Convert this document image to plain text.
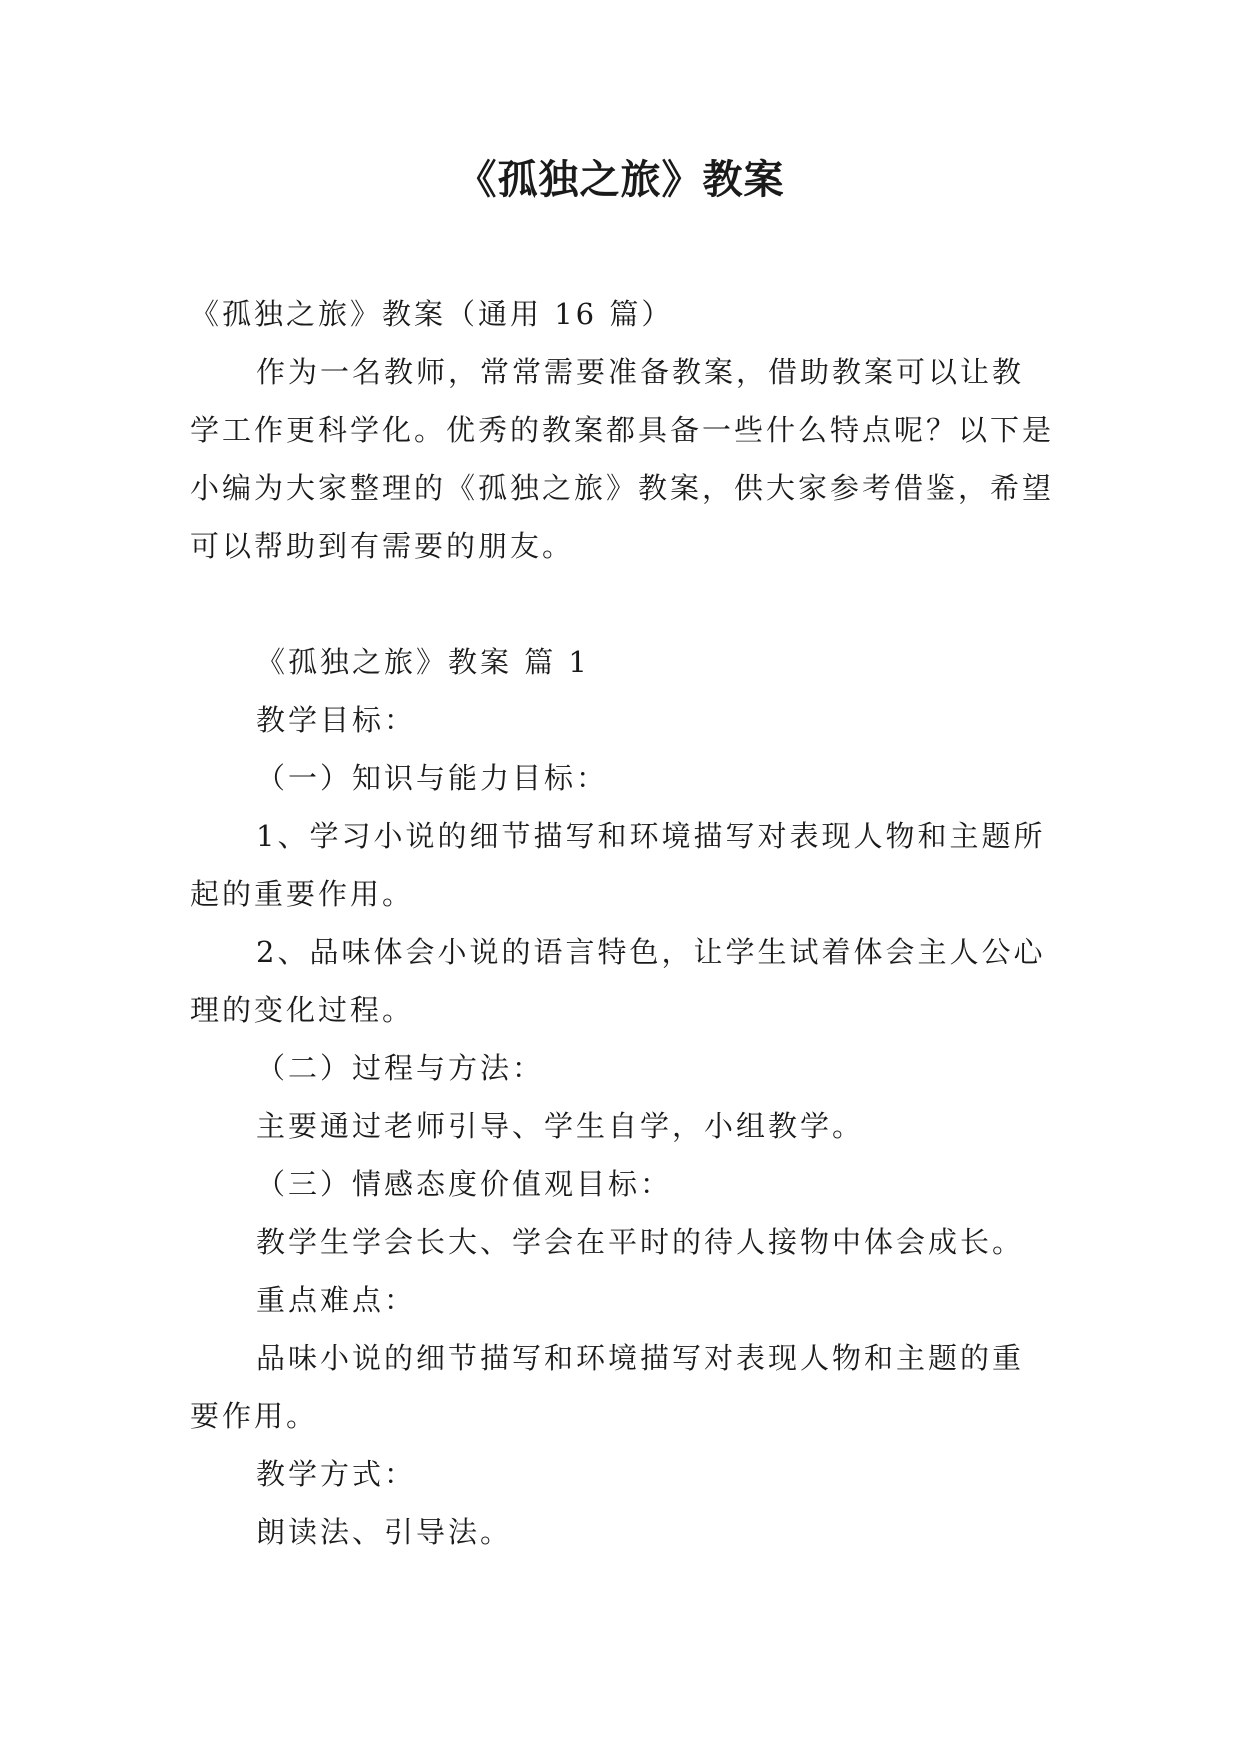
《孤独之旅》教案

《孤独之旅》教案（通用 16 篇）

作为一名教师，常常需要准备教案，借助教案可以让教学工作更科学化。优秀的教案都具备一些什么特点呢？以下是小编为大家整理的《孤独之旅》教案，供大家参考借鉴，希望可以帮助到有需要的朋友。

《孤独之旅》教案 篇 1

教学目标：

（一）知识与能力目标：

1、学习小说的细节描写和环境描写对表现人物和主题所起的重要作用。

2、品味体会小说的语言特色，让学生试着体会主人公心理的变化过程。

（二）过程与方法：

主要通过老师引导、学生自学，小组教学。

（三）情感态度价值观目标：

教学生学会长大、学会在平时的待人接物中体会成长。

重点难点：

品味小说的细节描写和环境描写对表现人物和主题的重要作用。

教学方式：

朗读法、引导法。
